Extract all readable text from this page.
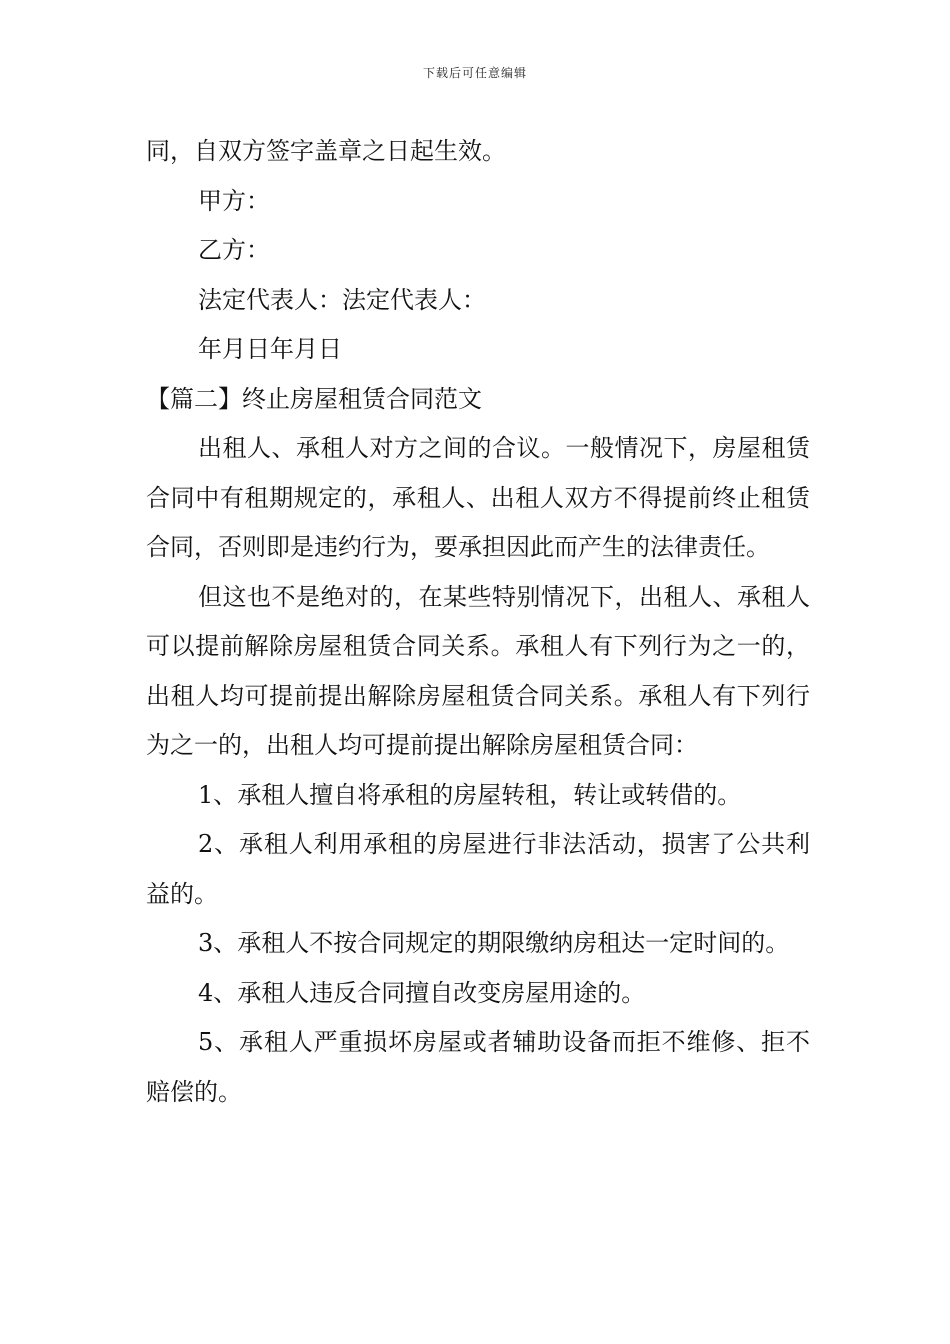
下载后可任意编辑

同，自双方签字盖章之日起生效。

甲方：

乙方：

法定代表人：法定代表人：

年月日年月日

【篇二】终止房屋租赁合同范文

出租人、承租人对方之间的合议。一般情况下，房屋租赁合同中有租期规定的，承租人、出租人双方不得提前终止租赁合同，否则即是违约行为，要承担因此而产生的法律责任。

但这也不是绝对的，在某些特别情况下，出租人、承租人可以提前解除房屋租赁合同关系。承租人有下列行为之一的，出租人均可提前提出解除房屋租赁合同关系。承租人有下列行为之一的，出租人均可提前提出解除房屋租赁合同：

1、承租人擅自将承租的房屋转租，转让或转借的。

2、承租人利用承租的房屋进行非法活动，损害了公共利益的。

3、承租人不按合同规定的期限缴纳房租达一定时间的。

4、承租人违反合同擅自改变房屋用途的。

5、承租人严重损坏房屋或者辅助设备而拒不维修、拒不赔偿的。
